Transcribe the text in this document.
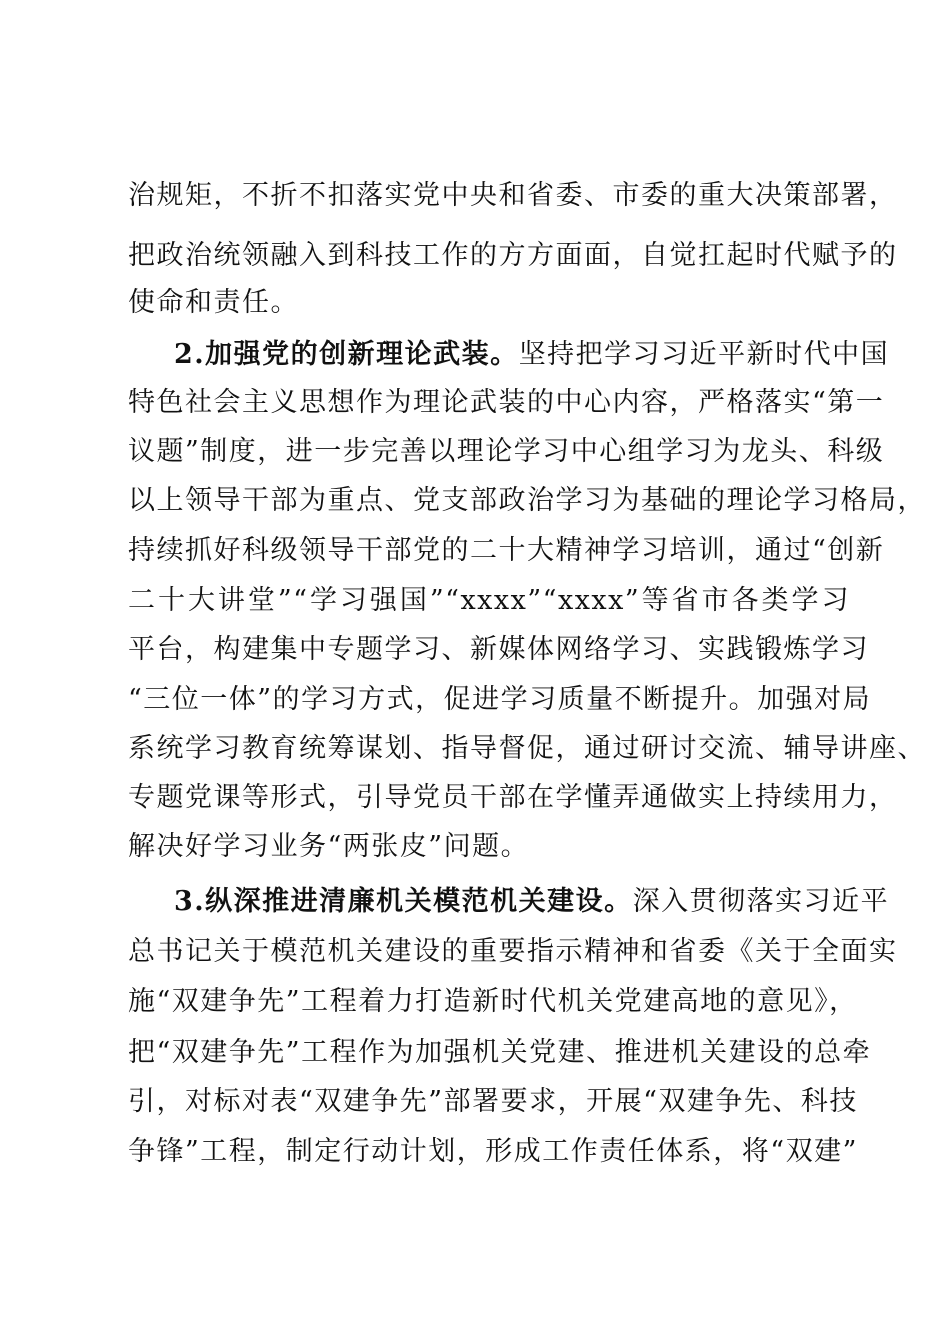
治规矩，不折不扣落实党中央和省委、市委的重大决策部署，
把政治统领融入到科技工作的方方面面，自觉扛起时代赋予的
使命和责任。
2.加强党的创新理论武装。坚持把学习习近平新时代中国
特色社会主义思想作为理论武装的中心内容，严格落实“第一
议题”制度，进一步完善以理论学习中心组学习为龙头、科级
以上领导干部为重点、党支部政治学习为基础的理论学习格局，
持续抓好科级领导干部党的二十大精神学习培训，通过“创新
二十大讲堂”“学习强国”“xxxx”“xxxx”等省市各类学习
平台，构建集中专题学习、新媒体网络学习、实践锻炼学习
“三位一体”的学习方式，促进学习质量不断提升。加强对局
系统学习教育统筹谋划、指导督促，通过研讨交流、辅导讲座、
专题党课等形式，引导党员干部在学懂弄通做实上持续用力，
解决好学习业务“两张皮”问题。
3.纵深推进清廉机关模范机关建设。深入贯彻落实习近平
总书记关于模范机关建设的重要指示精神和省委《关于全面实
施“双建争先”工程着力打造新时代机关党建高地的意见》，
把“双建争先”工程作为加强机关党建、推进机关建设的总牵
引，对标对表“双建争先”部署要求，开展“双建争先、科技
争锋”工程，制定行动计划，形成工作责任体系，将“双建”
